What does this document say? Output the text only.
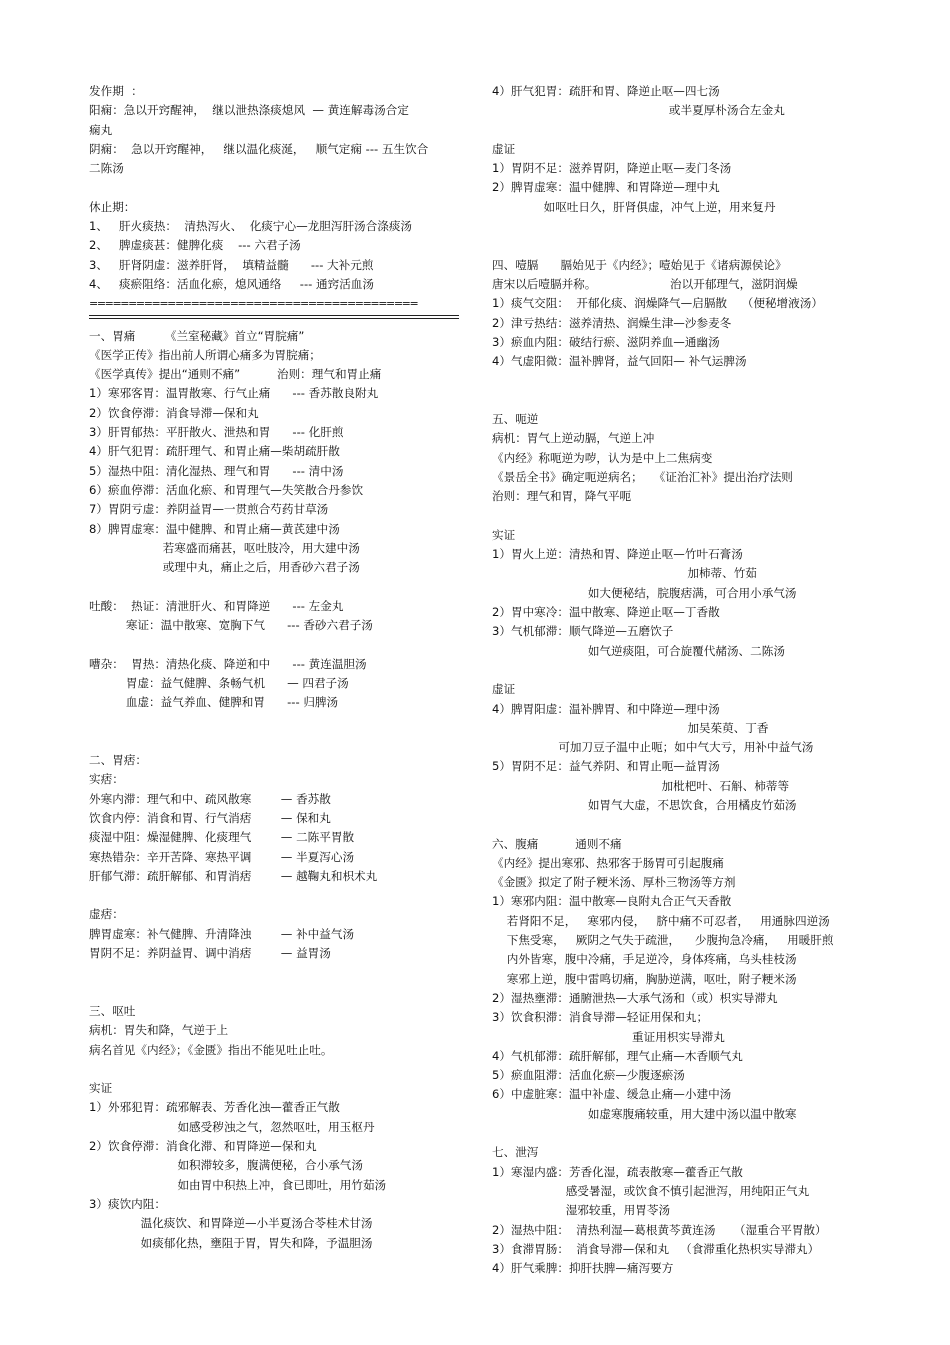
发作期  ：
阳痫：急以开窍醒神，  继以泄热涤痰熄风  — 黄连解毒汤合定
痫丸
阴痫：  急以开窍醒神，   继以温化痰涎，   顺气定痫 --- 五生饮合
二陈汤
休止期：
1、   肝火痰热：  清热泻火、  化痰宁心—龙胆泻肝汤合涤痰汤
2、   脾虚痰甚：健脾化痰    --- 六君子汤
3、   肝肾阴虚：滋养肝肾，  填精益髓      --- 大补元煎
4、   痰瘀阻络：活血化瘀，熄风通络     --- 通窍活血汤
==========================================
一、胃痛        《兰室秘藏》首立“胃脘痛”
《医学正传》指出前人所谓心痛多为胃脘痛；
《医学真传》提出“通则不痛”          治则：理气和胃止痛
1）寒邪客胃：温胃散寒、行气止痛      --- 香苏散良附丸
2）饮食停滞：消食导滞—保和丸
3）肝胃郁热：平肝散火、泄热和胃      --- 化肝煎
4）肝气犯胃：疏肝理气、和胃止痛—柴胡疏肝散
5）湿热中阻：清化湿热、理气和胃      --- 清中汤
6）瘀血停滞：活血化瘀、和胃理气—失笑散合丹参饮
7）胃阴亏虚：养阴益胃—一贯煎合芍药甘草汤
8）脾胃虚寒：温中健脾、和胃止痛—黄芪建中汤
若寒盛而痛甚，呕吐肢冷，用大建中汤
或理中丸，痛止之后，用香砂六君子汤
吐酸：  热证：清泄肝火、和胃降逆      --- 左金丸
寒证：温中散寒、宽胸下气      --- 香砂六君子汤
嘈杂：  胃热：清热化痰、降逆和中      --- 黄连温胆汤
胃虚：益气健脾、条畅气机      — 四君子汤
血虚：益气养血、健脾和胃      --- 归脾汤
二、胃痞：
实痞：
外寒内滞：理气和中、疏风散寒        — 香苏散
饮食内停：消食和胃、行气消痞        — 保和丸
痰湿中阻：燥湿健脾、化痰理气        — 二陈平胃散
寒热错杂：辛开苦降、寒热平调        — 半夏泻心汤
肝郁气滞：疏肝解郁、和胃消痞        — 越鞠丸和枳术丸
虚痞：
脾胃虚寒：补气健脾、升清降浊        — 补中益气汤
胃阴不足：养阴益胃、调中消痞        — 益胃汤
三、呕吐
病机：胃失和降，气逆于上
病名首见《内经》；《金匮》指出不能见吐止吐。
实证
1）外邪犯胃：疏邪解表、芳香化浊—藿香正气散
如感受秽浊之气，忽然呕吐，用玉枢丹
2）饮食停滞：消食化滞、和胃降逆—保和丸
如积滞较多，腹满便秘，合小承气汤
如由胃中积热上冲，食已即吐，用竹茹汤
3）痰饮内阻：
温化痰饮、和胃降逆—小半夏汤合苓桂术甘汤
如痰郁化热，壅阻于胃，胃失和降，予温胆汤
4）肝气犯胃：疏肝和胃、降逆止呕—四七汤
或半夏厚朴汤合左金丸
虚证
1）胃阴不足：滋养胃阴，降逆止呕—麦门冬汤
2）脾胃虚寒：温中健脾、和胃降逆—理中丸
如呕吐日久，肝肾俱虚，冲气上逆，用来复丹
四、噎膈      膈始见于《内经》；噎始见于《诸病源侯论》
唐宋以后噎膈并称。                    治以开郁理气，滋阴润燥
1）痰气交阻：  开郁化痰、润燥降气—启膈散    （便秘增液汤）
2）津亏热结：滋养清热、润燥生津—沙参麦冬
3）瘀血内阻：破结行瘀、滋阴养血—通幽汤
4）气虚阳微：温补脾肾，益气回阳— 补气运脾汤
五、呃逆
病机：胃气上逆动膈，气逆上冲
《内经》称呃逆为哕，认为是中上二焦病变
《景岳全书》确定呃逆病名；   《证治汇补》提出治疗法则
治则：理气和胃，降气平呃
实证
1）胃火上逆：清热和胃、降逆止呕—竹叶石膏汤
加柿蒂、竹茹
如大便秘结，脘腹痞满，可合用小承气汤
2）胃中寒冷：温中散寒、降逆止呕—丁香散
3）气机郁滞：顺气降逆—五磨饮子
如气逆痰阻，可合旋覆代赭汤、二陈汤
虚证
4）脾胃阳虚：温补脾胃、和中降逆—理中汤
加吴茱萸、丁香
可加刀豆子温中止呃；如中气大亏，用补中益气汤
5）胃阴不足：益气养阴、和胃止呃—益胃汤
加枇杷叶、石斛、柿蒂等
如胃气大虚，不思饮食，合用橘皮竹茹汤
六、腹痛          通则不痛
《内经》提出寒邪、热邪客于肠胃可引起腹痛
《金匮》拟定了附子粳米汤、厚朴三物汤等方剂
1）寒邪内阻：温中散寒—良附丸合正气天香散
若肾阳不足，   寒邪内侵，   脐中痛不可忍者，   用通脉四逆汤
下焦受寒，   厥阴之气失于疏泄，    少腹拘急冷痛，   用暖肝煎
内外皆寒，腹中冷痛，手足逆冷，身体疼痛，乌头桂枝汤
寒邪上逆，腹中雷鸣切痛，胸胁逆满，呕吐，附子粳米汤
2）湿热壅滞：通腑泄热—大承气汤和（或）枳实导滞丸
3）饮食积滞：消食导滞—轻证用保和丸；
重证用枳实导滞丸
4）气机郁滞：疏肝解郁，理气止痛—木香顺气丸
5）瘀血阻滞：活血化瘀—少腹逐瘀汤
6）中虚脏寒：温中补虚、缓急止痛—小建中汤
如虚寒腹痛较重，用大建中汤以温中散寒
七、泄泻
1）寒湿内盛：芳香化湿，疏表散寒—藿香正气散
感受暑湿，或饮食不慎引起泄泻，用纯阳正气丸
湿邪较重，用胃苓汤
2）湿热中阻：  清热利湿—葛根黄芩黄连汤     （湿重合平胃散）
3）食滞胃肠：  消食导滞—保和丸   （食滞重化热枳实导滞丸）
4）肝气乘脾：抑肝扶脾—痛泻要方
